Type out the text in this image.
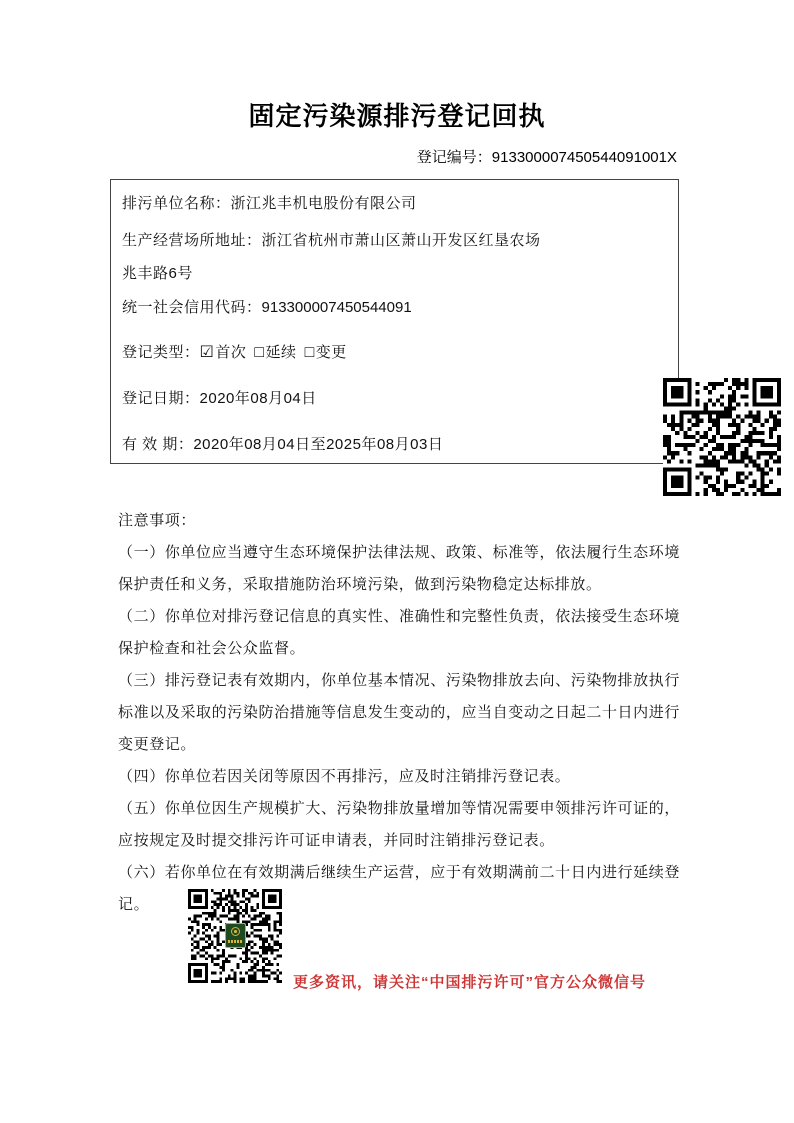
固定污染源排污登记回执
登记编号：913300007450544091001X
排污单位名称：浙江兆丰机电股份有限公司
生产经营场所地址：浙江省杭州市萧山区萧山开发区红垦农场兆丰路6号
统一社会信用代码：913300007450544091
登记类型：☑首次 □延续 □变更
登记日期：2020年08月04日
有 效 期：2020年08月04日至2025年08月03日

注意事项：

（一）你单位应当遵守生态环境保护法律法规、政策、标准等，依法履行生态环境保护责任和义务，采取措施防治环境污染，做到污染物稳定达标排放。

（二）你单位对排污登记信息的真实性、准确性和完整性负责，依法接受生态环境保护检查和社会公众监督。

（三）排污登记表有效期内，你单位基本情况、污染物排放去向、污染物排放执行标准以及采取的污染防治措施等信息发生变动的，应当自变动之日起二十日内进行变更登记。

（四）你单位若因关闭等原因不再排污，应及时注销排污登记表。

（五）你单位因生产规模扩大、污染物排放量增加等情况需要申领排污许可证的，应按规定及时提交排污许可证申请表，并同时注销排污登记表。

（六）若你单位在有效期满后继续生产运营，应于有效期满前二十日内进行延续登记。

更多资讯，请关注“中国排污许可”官方公众微信号
